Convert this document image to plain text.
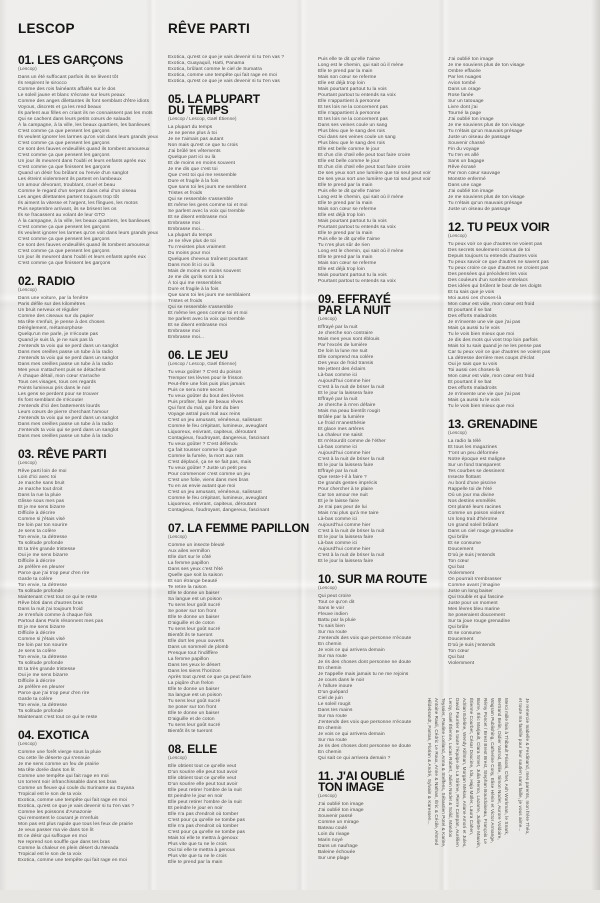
LESCOP
01. LES GARÇONS
(Lescop)
Dans un été suffocant parfois ils se lèvent tôt
Ils respirent le sirocco
Comme des rois fainéants affalés sur le dos
Le soleil jaune et blanc s'écrase sur leurs peaux
Comme des anges dilettantes ils font semblant d'être idiots
Voyous, discrets et ça les rend beaux
Ils parlent aux filles en criant ils ne connaissent pas les mots
Qui se cachent dans leurs petits cœurs de salauds
À la campagne, à la ville, les beaux quartiers, les banlieues
C'est comme ça que pensent les garçons
Ils veulent ignorer les larmes qu'on voit dans leurs grands yeux
C'est comme ça que pensent les garçons
Ce sont des fauves endeuillés quand ils tombent amoureux
C'est comme ça que pensent les garçons
Un jour ils meurent dans l'oubli et leurs enfants après eux
C'est comme ça que finissent les garçons
Quand un désir fou brûlant ou l'envie d'un sanglot
Les étreint violemment ils partent en lambeaux
Un amour dévorant, troublant, cruel et beau
Comme le regard d'un serpent dans celui d'un oiseau
Les anges dilettantes partent toujours trop tôt
Ils aiment la vitesse et l'argent, les flingues, les motos
Puis septembre arrivant, ils se brisent les os
Ils se fracassent au volant de leur GTO
À la campagne, à la ville, les beaux quartiers, les banlieues
C'est comme ça que pensent les garçons
Ils veulent ignorer les larmes qu'on voit dans leurs grands yeux
C'est comme ça que pensent les garçons
Ce sont des fauves endeuillés quand ils tombent amoureux
C'est comme ça que pensent les garçons
Un jour ils meurent dans l'oubli et leurs enfants après eux
C'est comme ça que finissent les garçons
02. RADIO
(Lescop)
Dans une voiture, par la fenêtre
Paris défile sur des kilomètres
Un bruit nerveux et régulier
Comme des ciseaux sur du papier
Ma tête s'enfuit, je pense à des choses
Dérèglement, métamorphose
Quelqu'un me parle, je n'écoute pas
Quand je suis là, je ne suis pas là
J'entends ta voix qui se perd dans un sanglot
Dans mes oreilles passe un tube à la radio
J'entends ta voix qui se perd dans un sanglot
Dans mes oreilles passe un tube à la radio
Mes yeux s'attachent puis se détachent
À chaque détail, mon cœur s'arrache
Tous ces visages, tous ces regards
Points lumineux pris dans le noir
Les gens se perdent pour se trouver
Ils font semblant de s'écouter
J'entends d'ici des battements lourds
Leurs cœurs de pierre cherchant l'amour
J'entends ta voix qui se perd dans un sanglot
Dans mes oreilles passe un tube à la radio
J'entends ta voix qui se perd dans un sanglot
Dans mes oreilles passe un tube à la radio
03. RÊVE PARTI
(Lescop)
Rêve parti loin de moi
Loin d'ici avec toi
Je marche sans bruit
Je marche tout droit
Dans la rue la pluie
Glisse sous mes pas
Et je me sens bizarre
Difficile à décrire
Comme si j'étais visé
De loin par ton sourire
Je sens ta colère
Ton envie, ta détresse
Ta solitude profonde
Et ta très grande tristesse
Oui je me sens bizarre
Difficile à décrire
Je préfère en pleurer
Parce que j'ai trop peur d'en rire
Garde ta colère
Ton envie, ta détresse
Ta solitude profonde
Maintenant c'est tout ce qui te reste
Rêve bloti dans d'autres bras
Dans la nuit j'ai toujours froid
Je m'enfuis comme à chaque fois
Partout dans Paris résonnent mes pas
Et je me sens bizarre
Difficile à décrire
Comme si j'étais visé
De loin par ton sourire
Je sens ta colère
Ton envie, ta détresse
Ta solitude profonde
Et ta très grande tristesse
Oui je me sens bizarre
Difficile à décrire
Je préfère en pleurer
Parce que j'ai trop peur d'en rire
Garde ta colère
Ton envie, ta détresse
Ta solitude profonde
Maintenant c'est tout ce qui te reste
04. EXOTICA
(Lescop)
Comme une forêt vierge sous la pluie
Ou cette île déserte qui s'ennuie
Je me sens comme un feu de prairie
Ma tête dorée dans ton lit
Comme une tempête qui fait rage en moi
Un torrent noir infranchissable dans tes bras
Comme un fleuve qui coule du Suriname au Guyana
Tropical est le son de ta voix
Exotica, comme une tempête qui fait rage en moi
Exotica, qu'est ce que je vais devenir si tu t'en vas ?
Comme les poissons d'Amazonie
Qui remontent le courant je m'enfuis
Mon pas est plus rapide que tous les feux de prairie
Je veux passer ma vie dans ton lit
Et ce désir qui suffoque en moi
Ne reprend son souffle que dans tes bras
Comme la chaleur en plein désert du Nevada
Tropical est le son de ta voix
Exotica, comme une tempête qui fait rage en moi
RÊVE PARTI
Exotica, qu'est ce que je vais devenir si tu t'en vas ?
Exotica, Guayaquil, Haïti, Panama
Exotica, brûlant comme le ciel de Sumatra
Exotica, comme une tempête qui fait rage en moi
Exotica, qu'est ce que je vais devenir si tu t'en vas
05. LA PLUPART
DU TEMPS
(Lescop / Lescop, Gaël Étienne)
La plupart du temps
Je ne pense plus à toi
Je ne t'aimais pas autant
Non mais qu'est ce que tu crois
J'ai brûlé tes vêtements
Quelque part ici ou là
Et de moins en moins souvent
Je me dis que c'est toi
Que c'est toi qui me ressemble
Dure et fragile à la fois
Que sans toi les jours me semblent
Tristes et froids
Qui se ressemble s'assemble
Et même les gens comme toi et moi
Se parlent avec la voix qui tremble
Et se disent embrasse moi
Embrasse moi
Embrasse moi...
La plupart du temps
Je ne rêve plus de toi
Tu n'existes plus vraiment
Du moins pour moi
Quelques cheveux traînent pourtant
Dans mon lit ici ou là
Mais de moins en moins souvent
Je me dis qu'ils sont à toi
À toi qui me ressembles
Dure et fragile à la fois
Que sans toi les jours me semblaient
Tristes et froids
Qui se ressemble s'assemble
Et même les gens comme toi et moi
Se parlent avec la voix qui tremble
Et se disent embrasse moi
Embrasse moi
Embrasse moi...
06. LE JEU
(Lescop / Lescop, Gaël Étienne)
Tu veux goûter ? C'est du poison
Tremper tes lèvres pour le frisson
Peut-être une fois puis plus jamais
Puis ce sera notre secret
Tu veux goûter du bout des lèvres
Puis profiter, faire de beaux rêves
Qui font du mal, qui font du bien
Voyage astral puis mal aux reins
C'est un jeu amusant, vénéneux, salissant
Comme le feu crépitant, lumineux, aveuglant
Liquoreux, enivrant, capiteux, déroutant
Contagieux, foudroyant, dangereux, fascinant
Tu veux goûter ? C'est défendu
Ça fait tousser comme la ciguë
Comme la fumée, la mort aux rats
C'est déplacé, ça ne se fait pas, mais
Tu veux goûter ? Juste un petit peu
Pour commencer c'est comme un jeu
C'est une folie, viens dans mes bras
Tu en as envie autant que moi
C'est un jeu amusant, vénéneux, salissant
Comme le feu crépitant, lumineux, aveuglant
Liquoreux, enivrant, capiteux, déroutant
Contagieux, foudroyant, dangereux, fascinant
07. LA FEMME PAPILLON
(Lescop)
Comme un insecte bleuté
Aux ailes vermillon
Elle dort sur le côté
La femme papillon
Dans ses yeux c'est l'été
Quelle que soit la saison
Et son étrange beauté
Te retire la raison
Elle te donne un baiser
Sa langue est un poison
Tu sens leur goût sucré
Se poser sur ton front
Elle te donne un baiser
D'aiguille et de coton
Tu sens leur goût sucré
Bientôt ils te tueront
Elle dort les yeux ouverts
Dans un sommeil de plomb
Presque tout l'indiffère
La femme papillon
Dans tes yeux le désert
Dans les siens l'horizon
Après tout qu'est ce que ça peut faire
La piqûre d'un frelon
Elle te donne un baiser
Sa langue est un poison
Tu sens leur goût sucré
Se poser sur ton front
Elle te donne un baiser
D'aiguille et de coton
Tu sens leur goût sucré
Bientôt ils te tueront
08. ELLE
(Lescop)
Elle obtient tout ce qu'elle veut
D'un sourire elle peut tout avoir
Elle obtient tout ce qu'elle veut
D'un sourire elle peut tout avoir
Elle peut retirer l'ombre de la nuit
Et peindre le jour en noir
Elle peut retirer l'ombre de la nuit
Et peindre le jour en noir
Elle n'a pas d'endroit où tomber
C'est pour ça qu'elle ne tombe pas
Elle n'a pas d'endroit où tomber
C'est pour ça qu'elle ne tombe pas
Mais toi elle te mettra à genoux
Plus vite que tu ne le crois
Oui toi elle te mettra à genoux
Plus vite que tu ne le crois
Elle te prend par la main
Puis elle te dit qu'elle t'aime
Long est le chemin, qui sait où il mène
Elle te prend par la main
Mais son cœur se referme
Elle est déjà trop loin
Mais pourtant partout tu la vois
Pourtant partout tu entends sa voix
Elle n'appartient à personne
Et tes lois ne la concernent pas
Elle n'appartient à personne
Et tes lois ne la concernent pas
Dans ses veines coule un sang
Plus bleu que le sang des rois
Oui dans ses veines coule un sang
Plus bleu que le sang des rois
Elle est belle comme le jour
Et d'un clin d'œil elle peut tout faire croire
Elle est belle comme le jour
Et d'un clin d'œil elle peut tout faire croire
De ses yeux sort une lumière que toi seul peut voir
De ses yeux sort une lumière que toi seul peut voir
Elle te prend par la main
Puis elle te dit qu'elle t'aime
Long est le chemin, qui sait où il mène
Elle te prend par la main
Mais son cœur se referme
Elle est déjà trop loin
Mais pourtant partout tu la vois
Pourtant partout tu entends sa voix
Elle te prend par la main
Puis elle te dit qu'elle t'aime
Tu n'es plus sûr de rien
Long est le chemin, qui sait où il mène
Elle te prend par la main
Mais son cœur se referme
Elle est déjà trop loin
Mais pourtant partout tu la vois
Pourtant partout tu entends sa voix
09. EFFRAYÉ
PAR LA NUIT
(Lescop)
Effrayé par la nuit
Je cherche son contraire
Mais mes yeux sont éblouis
Par l'excès de lumière
De loin la lune me suit
Elle comprend ma colère
Des yeux de froid transis
Me jettent des éclairs
Là-bas comme ici
Aujourd'hui comme hier
C'est à la nuit de briser la nuit
Et le jour la laissera faire
Effrayé par la nuit
Je cherche à m'en défaire
Mais ma peau bientôt rougit
Brûlée par la lumière
Le froid m'anesthésie
Et glace mes artères
La chaleur me saisit
Et m'étourdit comme de l'éther
Là-bas comme ici
Aujourd'hui comme hier
C'est à la nuit de briser la nuit
Et le jour la laissera faire
Effrayé par la nuit
Que reste-t-il à faire ?
De grands gestes imprécis
Pour chercher à te plaire
Car ton amour me nuit
Et je le laisse faire
Je n'ai pas peur de lui
Mais n'ai plus qu'à me taire
Là-bas comme ici
Aujourd'hui comme hier
C'est à la nuit de briser la nuit
Et le jour la laissera faire
Là-bas comme ici
Aujourd'hui comme hier
C'est à la nuit de briser la nuit
Et le jour la laissera faire
10. SUR MA ROUTE
(Lescop)
Qui peut croire
Tout ce qu'on dit
Sans le voir
Fleuve indien
Battu par la pluie
Tu sais bien
Sur ma route
J'entends des voix que personne n'écoute
En chemin
Je vois ce qui arrivera demain
Sur ma route
Je ris des choses dont personne ne doute
En chemin
Je t'appelle mais jamais tu ne me rejoins
Je cours dans le noir
À l'allure inouïe
D'un guépard
Ciel de juin
Le soleil rougit
Dans tes mains
Sur ma route
J'entends des voix que personne n'écoute
En chemin
Je vois ce qui arrivera demain
Sur ma route
Je ris des choses dont personne ne doute
En chemin
Qui sait ce qui arrivera demain ?
11. J'AI OUBLIÉ
TON IMAGE
(Lescop)
J'ai oublié ton image
J'ai oublié ton image
Souvenir passé
Comme un mirage
Bateau coulé
Loin du rivage
Marin noyé
Dans un naufrage
Baleine échouée
Sur une plage
J'ai oublié ton image
Je me souviens plus de ton visage
Ombre effacée
Par les nuages
Avion tombé
Dans un orage
Rose fanée
Sur un tatouage
Livre dont j'ai
Tourné la page
J'ai oublié ton image
Je me souviens plus de ton visage
Tu n'étais qu'un mauvais présage
Juste un oiseau de passage
Souvenir chassé
Fin du voyage
Tu t'en es allé
Sans un bagage
Rêve écrasé
Par mon cœur sauvage
Monstre enfermé
Dans une cage
J'ai oublié ton image
Je me souviens plus de ton visage
Tu n'étais qu'un mauvais présage
Juste un oiseau de passage
12. TU PEUX VOIR
(Lescop)
Tu peux voir ce que d'autres ne voient pas
Des secrets seulement connus de toi
Depuis toujours tu entends d'autres voix
Tu peux savoir ce que d'autres ne savent pas
Tu peux croire ce que d'autres ne croient pas
Des pensées qui précèdent les voix
Des couleurs d'un sombre entrelacs
Des idées qui brûlent le bout de tes doigts
Et tu sais que je vois
Moi aussi ces choses-là
Mon cœur est vide, mon cœur est froid
Et pourtant il se bat
Des efforts maladroits
Je m'invente une vie que j'ai pas
Mais ça aussi tu le vois
Tu le vois bien mieux que moi
Je dis des mots qui vont trop loin parfois
Mais toi tu sais quand je ne les pense pas
Car tu peux voir ce que d'autres ne voient pas
La détresse derrière mes coups d'éclat
Oui je sais que tu vois
Toi aussi ces choses-là
Mon cœur est vide, mon cœur est froid
Et pourtant il se bat
Des efforts maladroits
Je m'invente une vie que j'ai pas
Mais ça aussi tu le vois
Tu le vois bien mieux que moi
13. GRENADINE
(Lescop)
La radio la télé
Et tous les magazines
T'ont un peu déformée
Notre époque est maligne
Sur un fond transparent
Tes courbes se dessinent
Insecte flottant
Au bord d'une piscine
Rappelle toi de l'été
Où un jour ma divine
Nos destins emmêlés
Ont planté leurs racines
Comme un poison violent
Un long trait d'héroïne
Un grand soleil brûlant
Dans un ciel rouge grenadine
Qui brûle
Et se consume
Doucement
D'où je suis j'entends
Ton cœur
Qui bat
Violemment
On pourrait s'embrasser
Comme avant j'imagine
Juste un long baiser
Qui trouble et qui fascine
Juste pour un moment
Mes lèvres bleu marine
Se poseraient doucement
Sur ta joue rouge grenadine
Qui brûle
Et se consume
Doucement
D'où je suis j'entends
Ton cœur
Qui bat
Violemment
Je remercie Isabelle & Ferdinand, mes parents, mon frère Théo,
et toute ma famille pour leur soutien sans faille, je vous aime...
Merci mille fois à Thibault Frisoni, Chet, Ash Workman, le Snark,
Bertrand Belin, Didier Varrod, Billie, Simon Nodet, Aurore Voldoire,
Wagram Publishing, Catherine Cony, Elise Hénin et Victor Armange,
Rémy Poncet / Brest Brest Brest, Stephan Bourdoiseau, François Le
Barre, Éric Marjault, Clara Smet, Julia Remo, Lazarre, Juliette Mauvin,
Étienne Courbet, César Doucine, Ida, Hajo Müller, Laura Cahen,
Adrian Edeline, Wendy Killman, Morgan Mekas, Ariane Amori et Jules,
David Fourrier & toute l'équipe de La Sirène, Pierre Campan, Aurélien
Leroy, Gaël Étienne, Lucas Robert, Julien Nodet & Solid, Mandos
Teyssier, Pauline Loriland, Anna & Steffens, Sébastien Potel & Karine,
Antoine Rauli, Cédric Le Roux, Anne & Nathan, Éric & Cécile, Ahmed
Hildebrandt, Fantan, Florian & André, Sylvain & Karessen...
